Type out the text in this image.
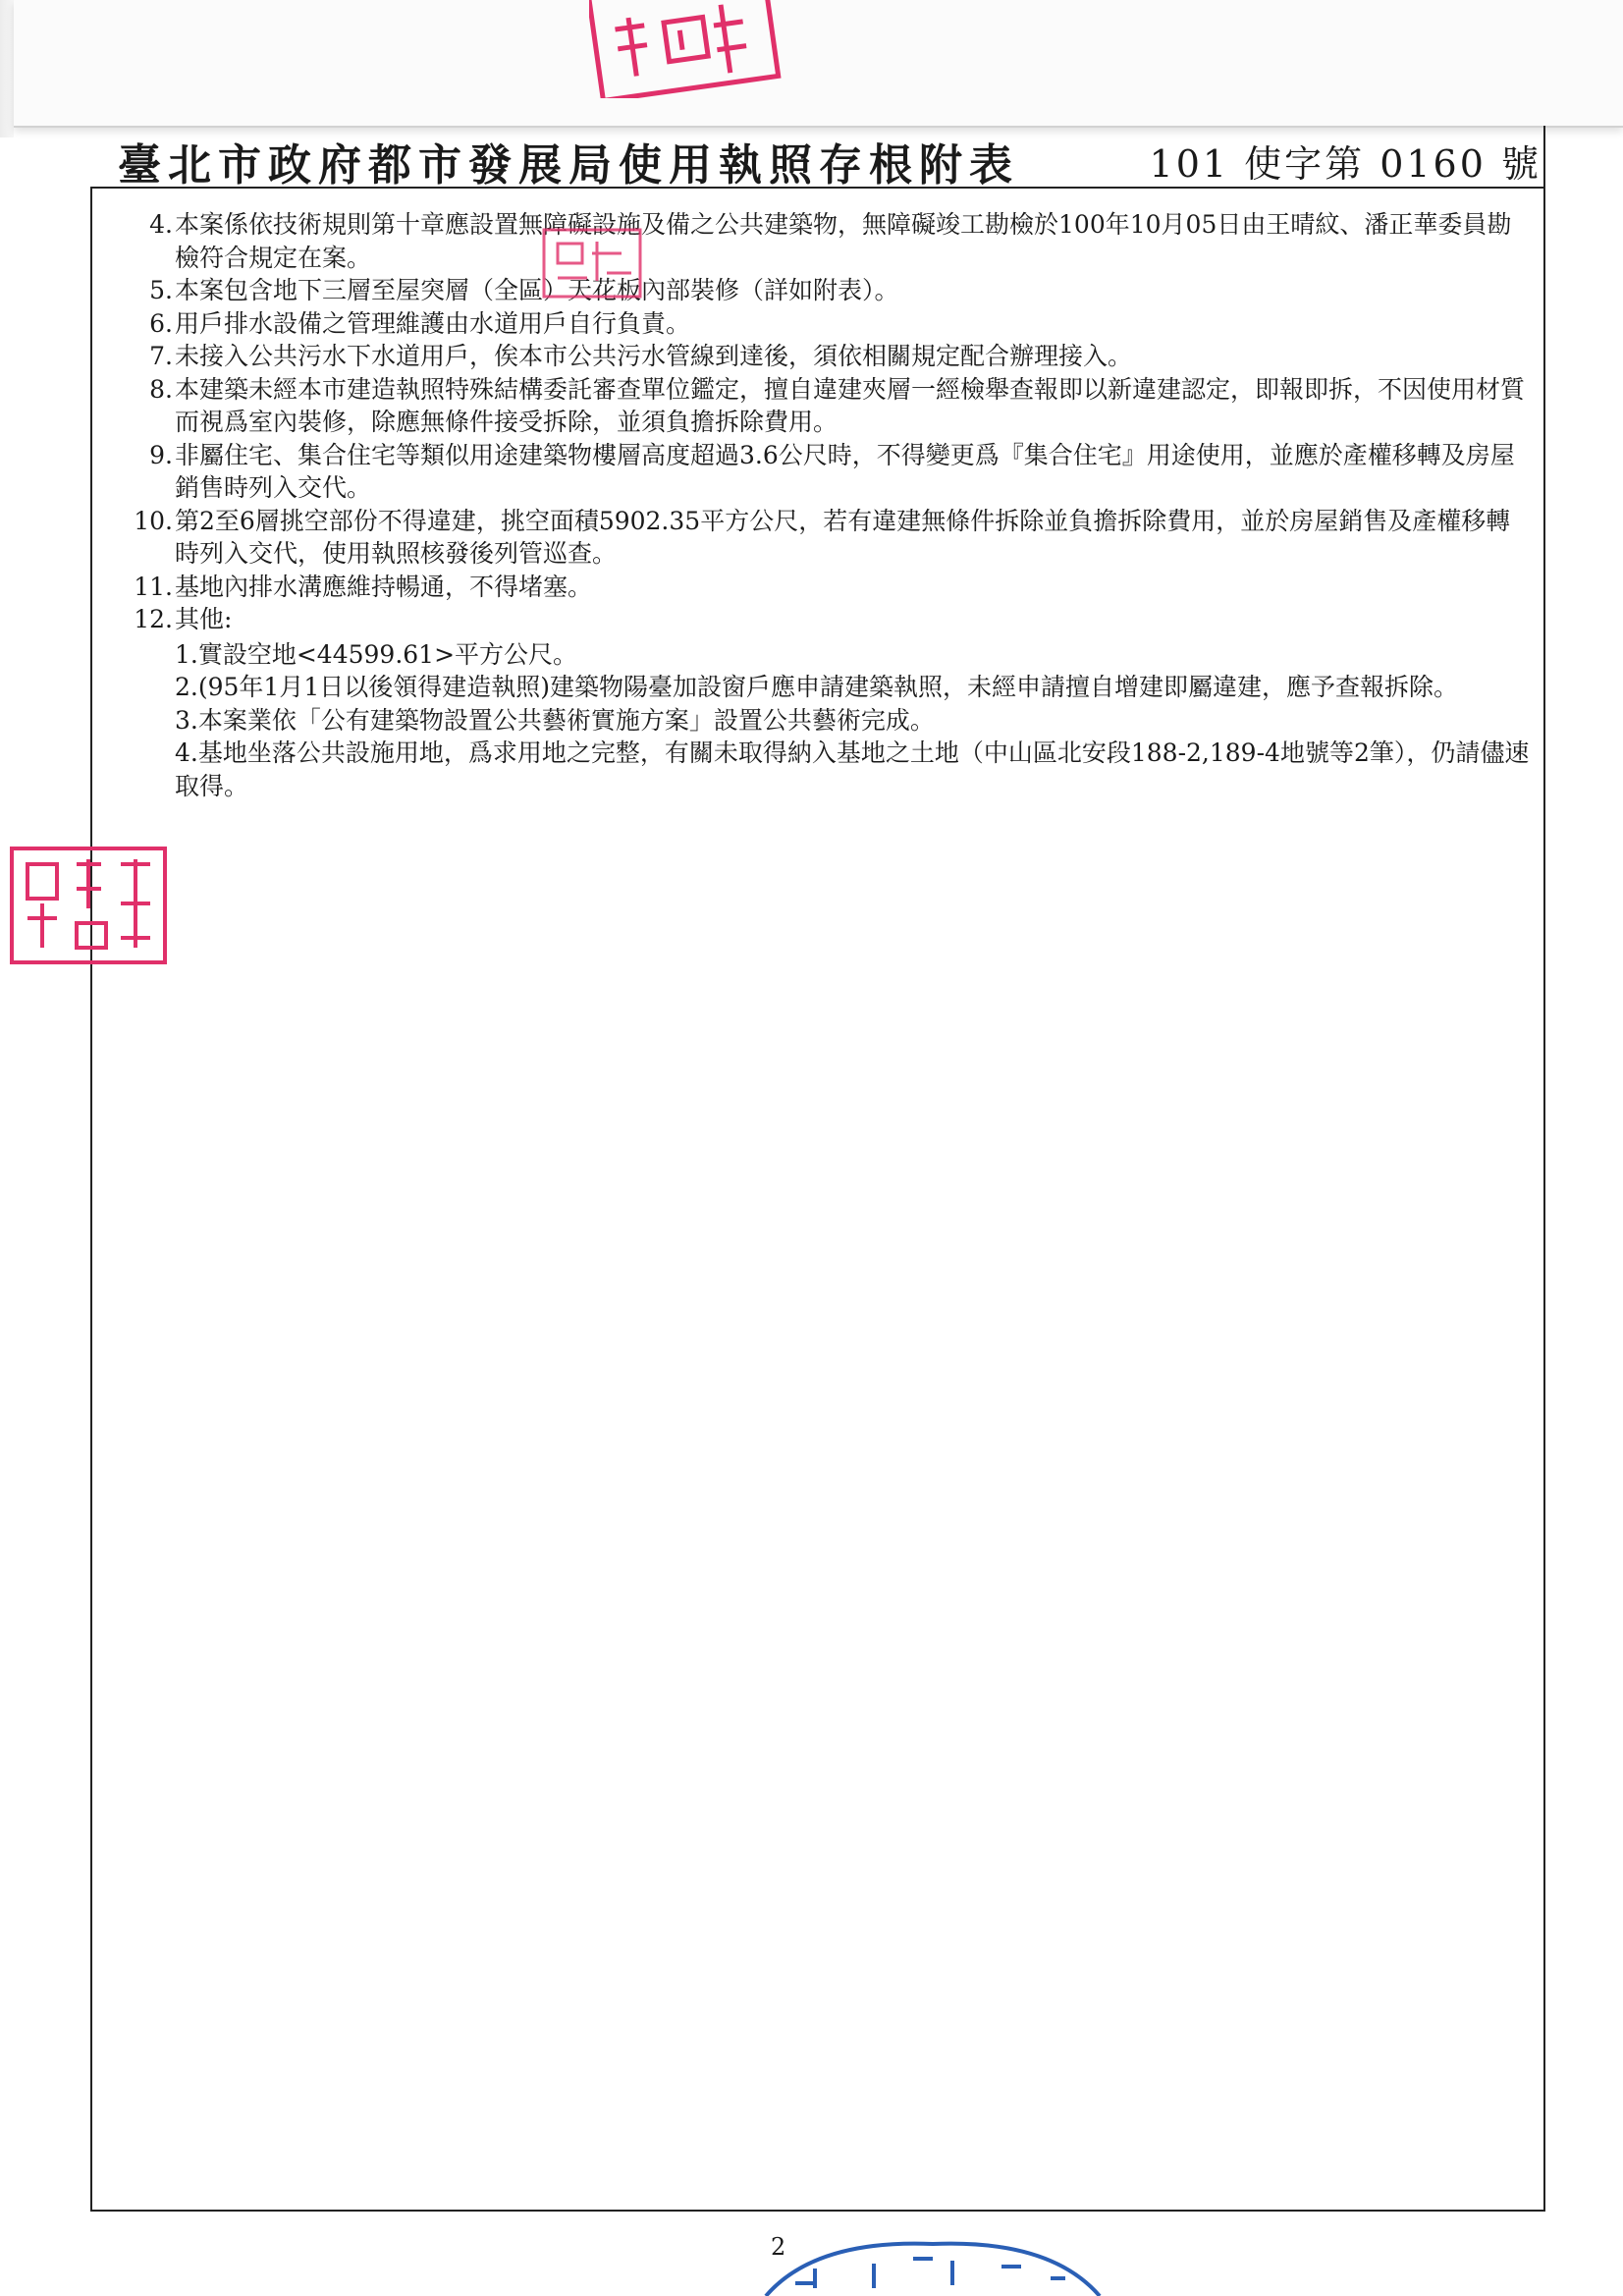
臺北市政府都市發展局使用執照存根附表	101 使字第 0160 號
4. 本案係依技術規則第十章應設置無障礙設施及備之公共建築物，無障礙竣工勘檢於100年10月05日由王晴紋、潘正華委員勘檢符合規定在案。
5. 本案包含地下三層至屋突層（全區）天花板內部裝修（詳如附表）。
6. 用戶排水設備之管理維護由水道用戶自行負責。
7. 未接入公共污水下水道用戶，俟本市公共污水管線到達後，須依相關規定配合辦理接入。
8. 本建築未經本市建造執照特殊結構委託審查單位鑑定，擅自違建夾層一經檢舉查報即以新違建認定，即報即拆，不因使用材質而視爲室內裝修，除應無條件接受拆除，並須負擔拆除費用。
9. 非屬住宅、集合住宅等類似用途建築物樓層高度超過3.6公尺時，不得變更爲『集合住宅』用途使用，並應於產權移轉及房屋銷售時列入交代。
10. 第2至6層挑空部份不得違建，挑空面積5902.35平方公尺，若有違建無條件拆除並負擔拆除費用，並於房屋銷售及產權移轉時列入交代，使用執照核發後列管巡查。
11. 基地內排水溝應維持暢通，不得堵塞。
12. 其他:
1.實設空地<44599.61>平方公尺。
2.(95年1月1日以後領得建造執照)建築物陽臺加設窗戶應申請建築執照，未經申請擅自增建即屬違建，應予查報拆除。
3.本案業依「公有建築物設置公共藝術實施方案」設置公共藝術完成。
4.基地坐落公共設施用地，爲求用地之完整，有關未取得納入基地之土地（中山區北安段188-2,189-4地號等2筆），仍請儘速取得。
2
